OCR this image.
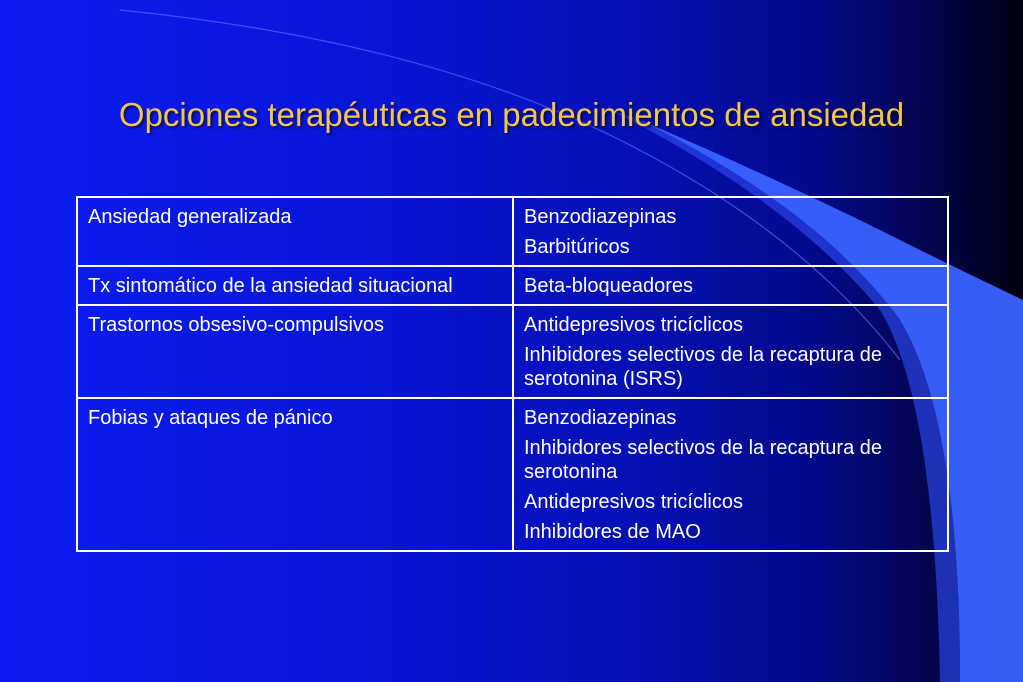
Opciones terapéuticas en padecimientos de ansiedad
Ansiedad generalizada	Benzodiazepinas
Barbitúricos

Tx sintomático de la ansiedad situacional	Beta-bloqueadores

Trastornos obsesivo-compulsivos	Antidepresivos tricíclicos
Inhibidores selectivos de la recaptura de serotonina (ISRS)

Fobias y ataques de pánico	Benzodiazepinas
Inhibidores selectivos de la recaptura de serotonina
Antidepresivos tricíclicos
Inhibidores de MAO
